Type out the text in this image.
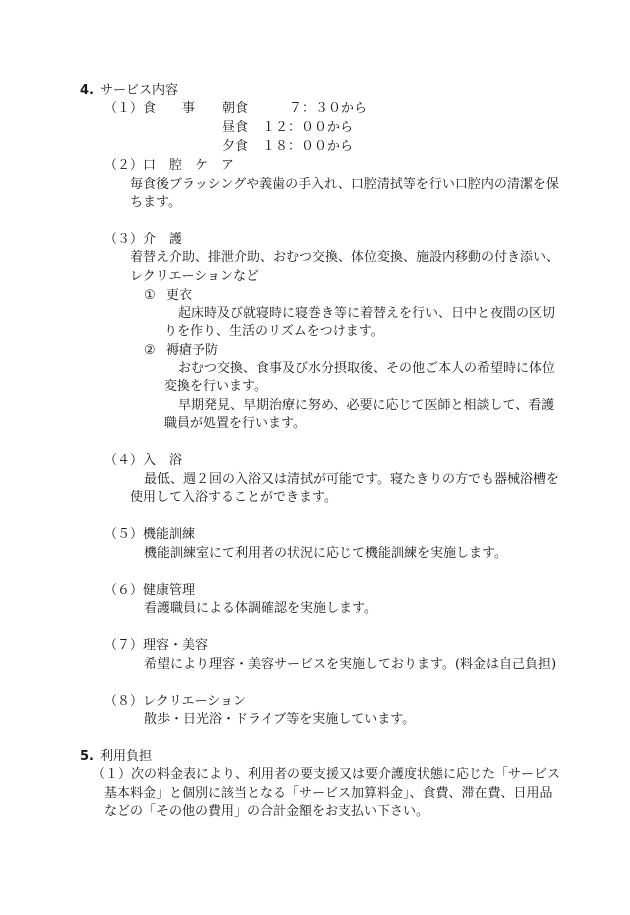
4. サービス内容
（１）食　　事 朝食 　７：３０から
昼食 １２：００から
夕食 １８：００から
（２）口　腔　ケ　ア
毎食後ブラッシングや義歯の手入れ、口腔清拭等を行い口腔内の清潔を保
ちます。
（３）介　護
着替え介助、排泄介助、おむつ交換、体位変換、施設内移動の付き添い、
レクリエーションなど
① 更衣
起床時及び就寝時に寝巻き等に着替えを行い、日中と夜間の区切
りを作り、生活のリズムをつけます。
② 褥瘡予防
おむつ交換、食事及び水分摂取後、その他ご本人の希望時に体位
変換を行います。
早期発見、早期治療に努め、必要に応じて医師と相談して、看護
職員が処置を行います。
（４）入　浴
最低、週２回の入浴又は清拭が可能です。寝たきりの方でも器械浴槽を
使用して入浴することができます。
（５）機能訓練
機能訓練室にて利用者の状況に応じて機能訓練を実施します。
（６）健康管理
看護職員による体調確認を実施します。
（７）理容・美容
希望により理容・美容サービスを実施しております。(料金は自己負担)
（８）レクリエーション
散歩・日光浴・ドライブ等を実施しています。
5. 利用負担
（１）次の料金表により、利用者の要支援又は要介護度状態に応じた「サービス
基本料金」と個別に該当となる「サービス加算料金」、食費、滞在費、日用品
などの「その他の費用」の合計金額をお支払い下さい。
